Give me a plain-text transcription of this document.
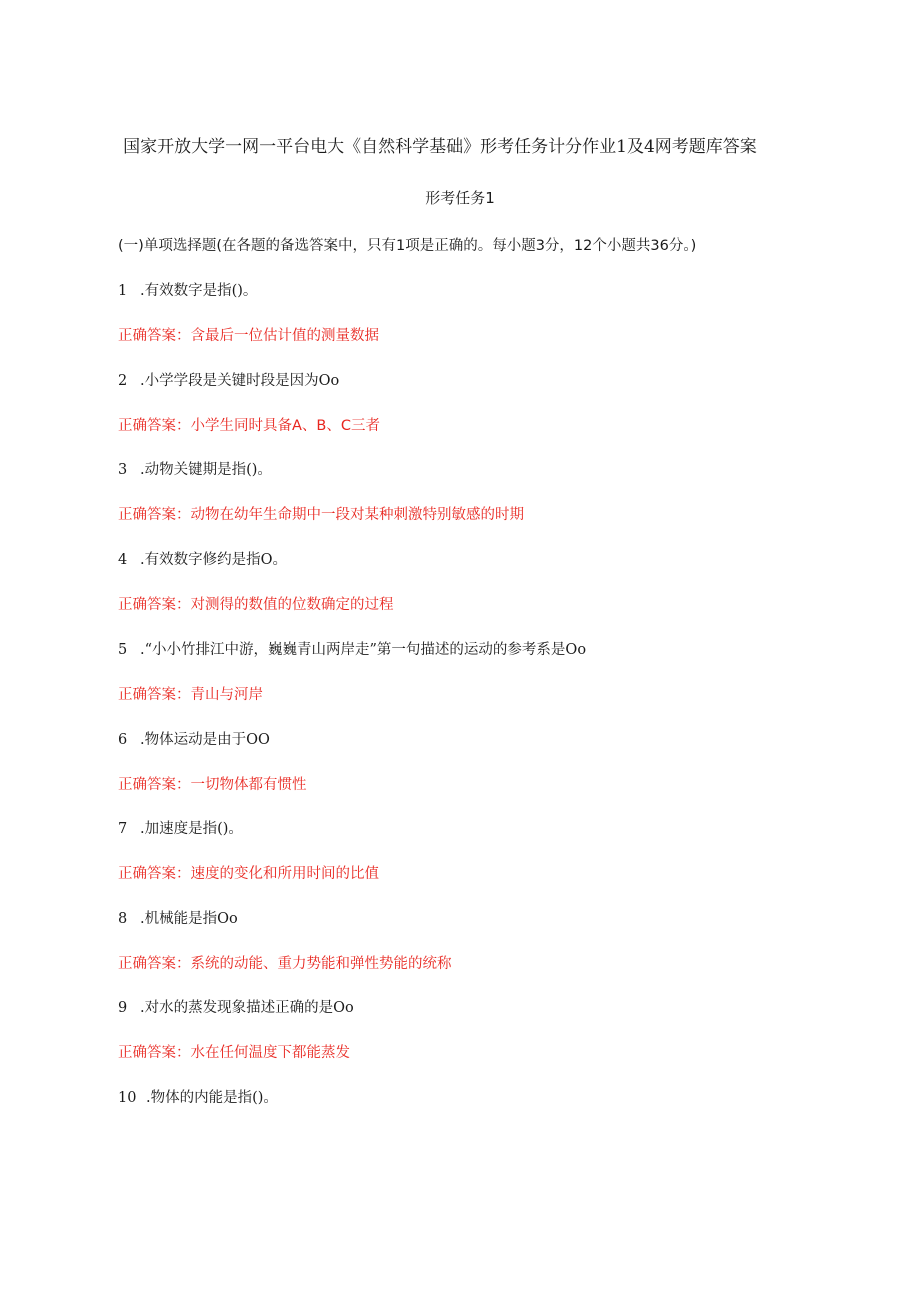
国家开放大学一网一平台电大《自然科学基础》形考任务计分作业1及4网考题库答案
形考任务1
(一)单项选择题(在各题的备选答案中，只有1项是正确的。每小题3分，12个小题共36分。)
1 .有效数字是指()。
正确答案：含最后一位估计值的测量数据
2 .小学学段是关键时段是因为Oo
正确答案：小学生同时具备A、B、C三者
3 .动物关键期是指()。
正确答案：动物在幼年生命期中一段对某种刺激特别敏感的时期
4 .有效数字修约是指O。
正确答案：对测得的数值的位数确定的过程
5 .“小小竹排江中游，巍巍青山两岸走”第一句描述的运动的参考系是Oo
正确答案：青山与河岸
6 .物体运动是由于OO
正确答案：一切物体都有惯性
7 .加速度是指()。
正确答案：速度的变化和所用时间的比值
8 .机械能是指Oo
正确答案：系统的动能、重力势能和弹性势能的统称
9 .对水的蒸发现象描述正确的是Oo
正确答案：水在任何温度下都能蒸发
10 .物体的内能是指()。
